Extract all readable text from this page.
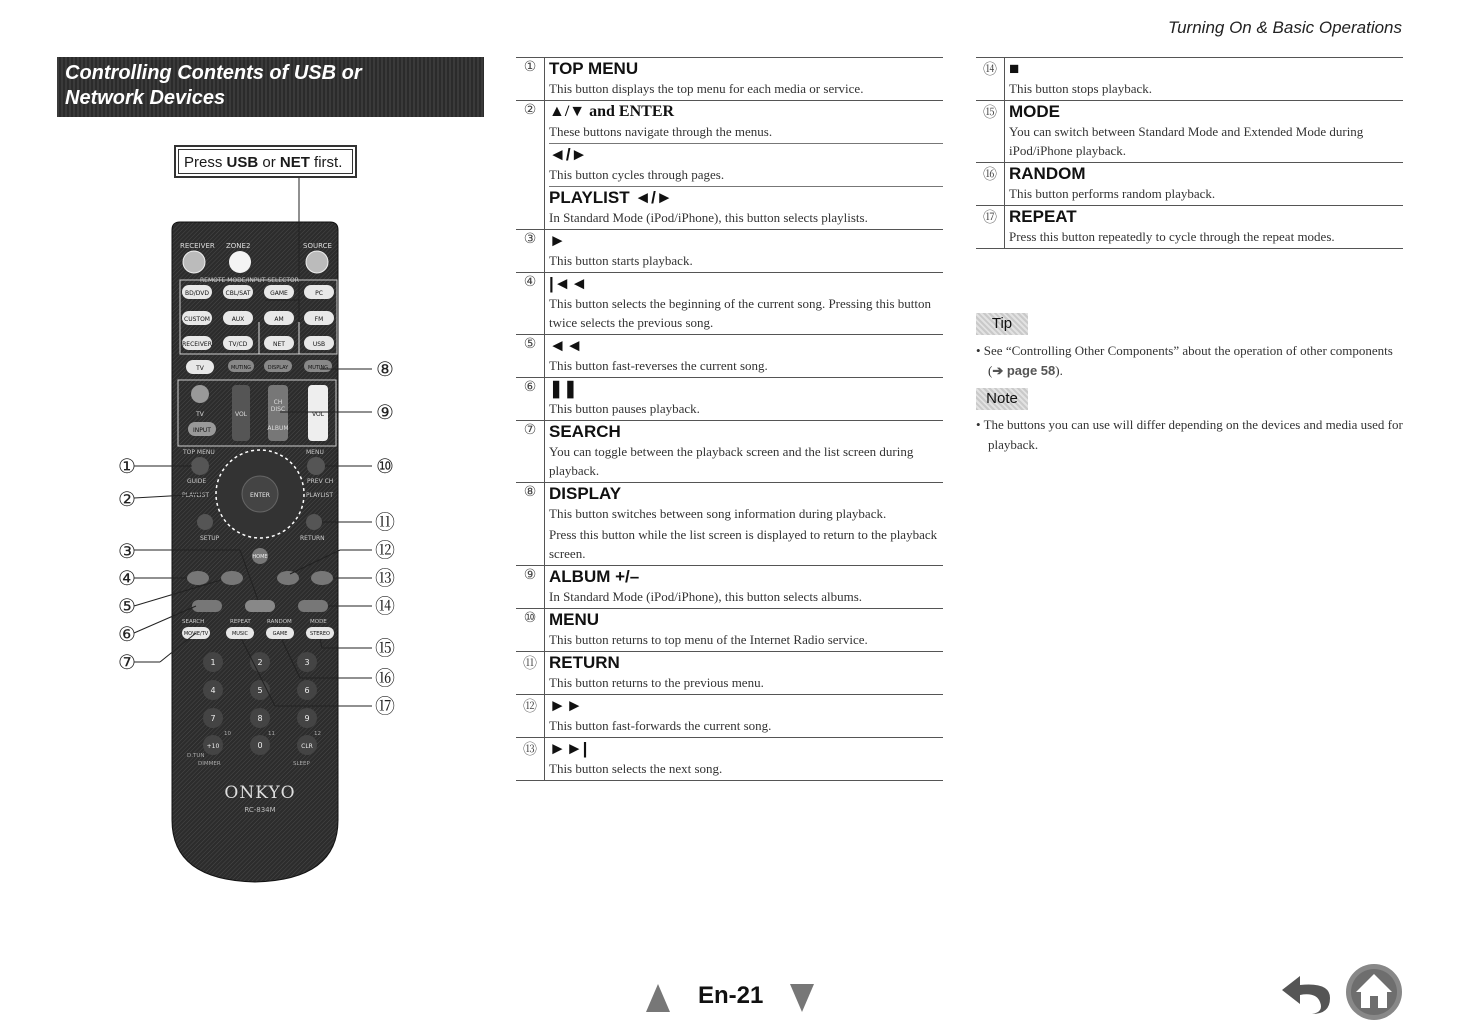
Turning On & Basic Operations
Controlling Contents of USB or
Network Devices
Press USB or NET first.
RECEIVER ZONE2	SOURCE
REMOTE MODE/INPUT SELECTOR
BD/DVD	CBL/SAT	GAME	PC
CUSTOM	AUX	AM	FM
RECEIVER	TV/CD	NET	USB
TV	MUTING	DISPLAY	MUTING
TV
INPUT
VOL
CH
DISC
ALBUM
VOL
TOP MENU	MENU
GUIDE	PREV CH
PLAYLIST	PLAYLIST
SETUP	RETURN
ENTER
HOME
SEARCH	REPEAT	RANDOM	MODE
MOVIE/TV	MUSIC	GAME	STEREO
1	2	3
4	5	6
7	8	9
+10	0	CLR
10	11	12
D.TUN
DIMMER	SLEEP
ONKYO
RC-834M
①
②
③
④
⑤
⑥
⑦
⑧
⑨
⑩
⑪
⑫
⑬
⑭
⑮
⑯
⑰
① TOP MENU
This button displays the top menu for each media or service.
② ▲/▼ and ENTER
These buttons navigate through the menus.
◄/►
This button cycles through pages.
PLAYLIST ◄/►
In Standard Mode (iPod/iPhone), this button selects playlists.
③ ►
This button starts playback.
④ |◄◄
This button selects the beginning of the current song. Pressing this button twice selects the previous song.
⑤ ◄◄
This button fast-reverses the current song.
⑥ ❚❚
This button pauses playback.
⑦ SEARCH
You can toggle between the playback screen and the list screen during playback.
⑧ DISPLAY
This button switches between song information during playback.
Press this button while the list screen is displayed to return to the playback screen.
⑨ ALBUM +/–
In Standard Mode (iPod/iPhone), this button selects albums.
⑩ MENU
This button returns to top menu of the Internet Radio service.
⑪ RETURN
This button returns to the previous menu.
⑫ ►►
This button fast-forwards the current song.
⑬ ►►|
This button selects the next song.
⑭ ■
This button stops playback.
⑮ MODE
You can switch between Standard Mode and Extended Mode during iPod/iPhone playback.
⑯ RANDOM
This button performs random playback.
⑰ REPEAT
Press this button repeatedly to cycle through the repeat modes.
Tip
• See “Controlling Other Components” about the operation of other components (➔ page 58).
Note
• The buttons you can use will differ depending on the devices and media used for playback.
En-21
